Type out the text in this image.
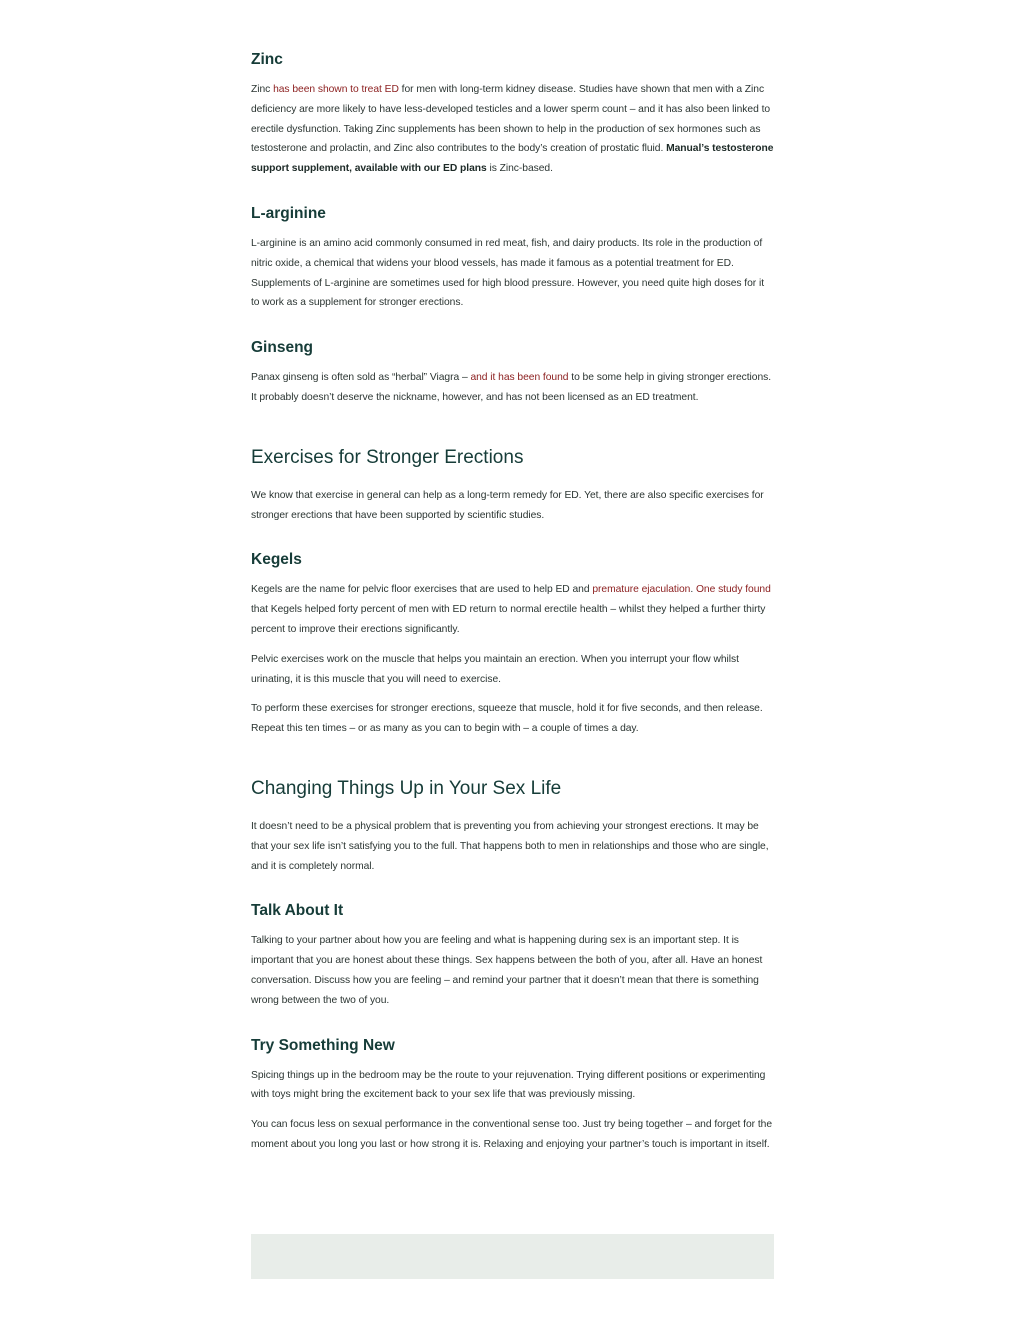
Zinc

Zinc has been shown to treat ED for men with long-term kidney disease. Studies have shown that men with a Zinc deficiency are more likely to have less-developed testicles and a lower sperm count – and it has also been linked to erectile dysfunction. Taking Zinc supplements has been shown to help in the production of sex hormones such as testosterone and prolactin, and Zinc also contributes to the body’s creation of prostatic fluid. Manual’s testosterone support supplement, available with our ED plans is Zinc-based.

L-arginine

L-arginine is an amino acid commonly consumed in red meat, fish, and dairy products. Its role in the production of nitric oxide, a chemical that widens your blood vessels, has made it famous as a potential treatment for ED. Supplements of L-arginine are sometimes used for high blood pressure. However, you need quite high doses for it to work as a supplement for stronger erections.

Ginseng

Panax ginseng is often sold as “herbal” Viagra – and it has been found to be some help in giving stronger erections. It probably doesn’t deserve the nickname, however, and has not been licensed as an ED treatment.

Exercises for Stronger Erections

We know that exercise in general can help as a long-term remedy for ED. Yet, there are also specific exercises for stronger erections that have been supported by scientific studies.

Kegels

Kegels are the name for pelvic floor exercises that are used to help ED and premature ejaculation. One study found that Kegels helped forty percent of men with ED return to normal erectile health – whilst they helped a further thirty percent to improve their erections significantly.

Pelvic exercises work on the muscle that helps you maintain an erection. When you interrupt your flow whilst urinating, it is this muscle that you will need to exercise.

To perform these exercises for stronger erections, squeeze that muscle, hold it for five seconds, and then release. Repeat this ten times – or as many as you can to begin with – a couple of times a day.

Changing Things Up in Your Sex Life

It doesn’t need to be a physical problem that is preventing you from achieving your strongest erections. It may be that your sex life isn’t satisfying you to the full. That happens both to men in relationships and those who are single, and it is completely normal.

Talk About It

Talking to your partner about how you are feeling and what is happening during sex is an important step. It is important that you are honest about these things. Sex happens between the both of you, after all. Have an honest conversation. Discuss how you are feeling – and remind your partner that it doesn’t mean that there is something wrong between the two of you.

Try Something New

Spicing things up in the bedroom may be the route to your rejuvenation. Trying different positions or experimenting with toys might bring the excitement back to your sex life that was previously missing.

You can focus less on sexual performance in the conventional sense too. Just try being together – and forget for the moment about you long you last or how strong it is. Relaxing and enjoying your partner’s touch is important in itself.
